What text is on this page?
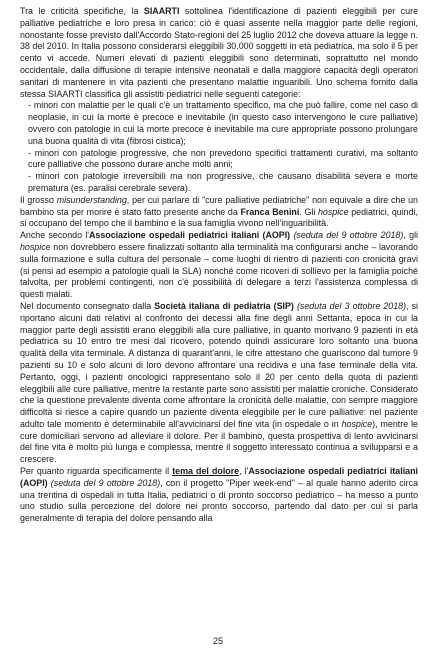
Tra le criticità specifiche, la SIAARTI sottolinea l'identificazione di pazienti eleggibili per cure palliative pediatriche e loro presa in carico: ciò è quasi assente nella maggior parte delle regioni, nonostante fosse previsto dall'Accordo Stato-regioni del 25 luglio 2012 che doveva attuare la legge n. 38 del 2010. In Italia possono considerarsi eleggibili 30.000 soggetti in età pediatrica, ma solo il 5 per cento vi accede. Numeri elevati di pazienti eleggibili sono determinati, soprattutto nel mondo occidentale, dalla diffusione di terapie intensive neonatali e dalla maggiore capacità degli operatori sanitari di mantenere in vita pazienti che presentano malattie inguaribili. Uno schema fornito dalla stessa SIAARTI classifica gli assistiti pediatrici nelle seguenti categorie:

- minori con malattie per le quali c'è un trattamento specifico, ma che può fallire, come nel caso di neoplasie, in cui la morte è precoce e inevitabile (in questo caso intervengono le cure palliative) ovvero con patologie in cui la morte precoce è inevitabile ma cure appropriate possono prolungare una buona qualità di vita (fibrosi cistica);

- minori con patologie progressive, che non prevedono specifici trattamenti curativi, ma soltanto cure palliative che possono durare anche molti anni;

- minori con patologie irreversibili ma non progressive, che causano disabilità severa e morte prematura (es. paralisi cerebrale severa).

Il grosso misunderstanding, per cui parlare di "cure palliative pediatriche" non equivale a dire che un bambino sta per morire è stato fatto presente anche da Franca Benini. Gli hospice pediatrici, quindi, si occupano del tempo che il bambino e la sua famiglia vivono nell'inguaribilità.

Anche secondo l'Associazione ospedali pediatrici italiani (AOPI) (seduta del 9 ottobre 2018), gli hospice non dovrebbero essere finalizzati soltanto alla terminalità ma configurarsi anche – lavorando sulla formazione e sulla cultura del personale – come luoghi di rientro di pazienti con cronicità gravi (si pensi ad esempio a patologie quali la SLA) nonché come ricoveri di sollievo per la famiglia poiché talvolta, per problemi contingenti, non c'è possibilità di delegare a terzi l'assistenza complessa di questi malati.

Nel documento consegnato dalla Società italiana di pediatria (SIP) (seduta del 3 ottobre 2018), si riportano alcuni dati relativi al confronto dei decessi alla fine degli anni Settanta, epoca in cui la maggior parte degli assistiti erano eleggibili alla cure palliative, in quanto morivano 9 pazienti in età pediatrica su 10 entro tre mesi dal ricovero, potendo quindi assicurare loro soltanto una buona qualità della vita terminale. A distanza di quarant'anni, le cifre attestano che guariscono dal tumore 9 pazienti su 10 e solo alcuni di loro devono affrontare una recidiva e una fase terminale della vita. Pertanto, oggi, i pazienti oncologici rappresentano solo il 20 per cento della quota di pazienti eleggibili alle cure palliative, mentre la restante parte sono assistiti per malattie croniche. Considerato che la questione prevalente diventa come affrontare la cronicità delle malattie, con sempre maggiore difficoltà si riesce a capire quando un paziente diventa eleggibile per le cure palliative: nel paziente adulto tale momento è determinabile all'avvicinarsi del fine vita (in ospedale o in hospice), mentre le cure domiciliari servono ad alleviare il dolore. Per il bambino, questa prospettiva di lento avvicinarsi del fine vita è molto più lunga e complessa, mentre il soggetto interessato continua a svilupparsi e a crescere.

Per quanto riguarda specificamente il tema del dolore, l'Associazione ospedali pediatrici italiani (AOPI) (seduta del 9 ottobre 2018), con il progetto "Piper week-end" – al quale hanno aderito circa una trentina di ospedali in tutta Italia, pediatrici o di pronto soccorso pediatrico – ha messo a punto uno studio sulla percezione del dolore nei pronto soccorso, partendo dal dato per cui si parla generalmente di terapia del dolore pensando alla

25
